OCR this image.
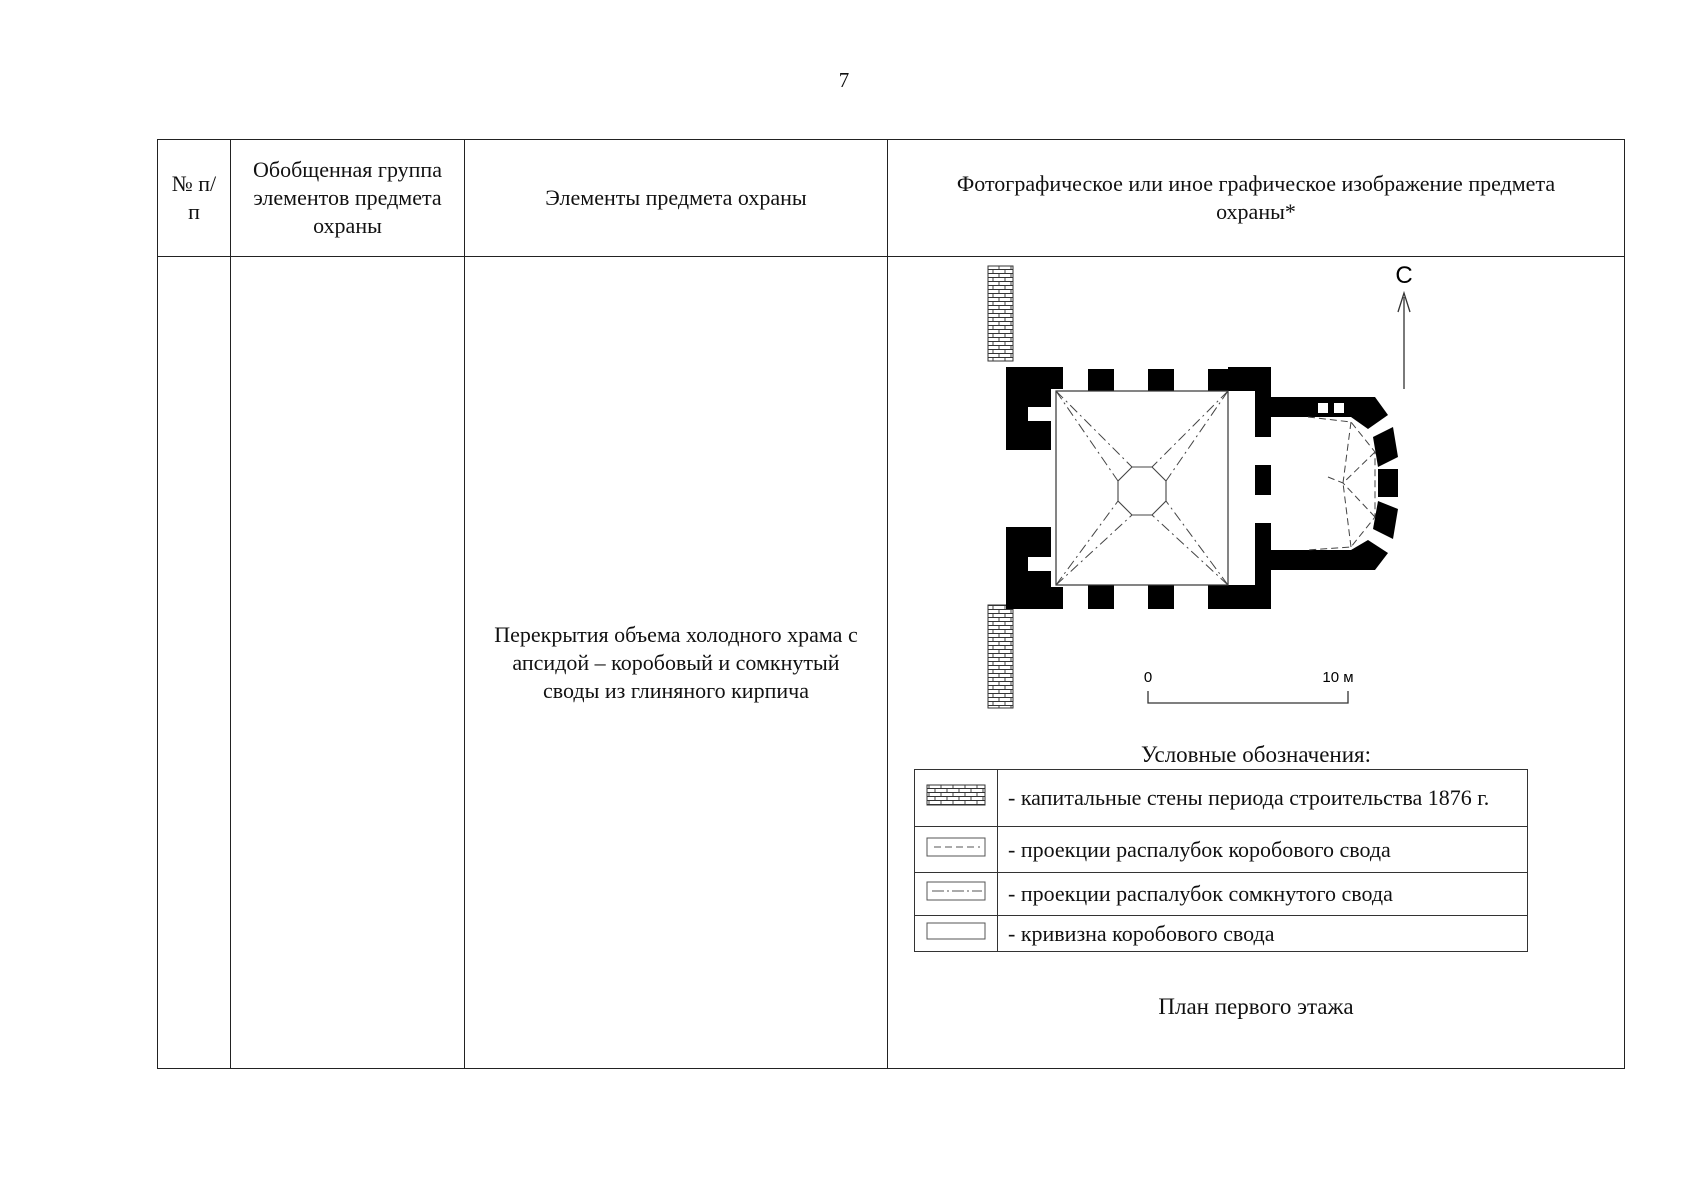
7
№ п/п	Обобщенная группа элементов предмета охраны	Элементы предмета охраны	Фотографическое или иное графическое изображение предмета охраны*
		Перекрытия объема холодного храма с апсидой – коробовый и сомкнутый своды из глиняного кирпича	
С
0	10 м
Условные обозначения:
	- капитальные стены периода строительства 1876 г.
	- проекции распалубок коробового свода
	- проекции распалубок сомкнутого свода
	- кривизна коробового свода
План первого этажа
